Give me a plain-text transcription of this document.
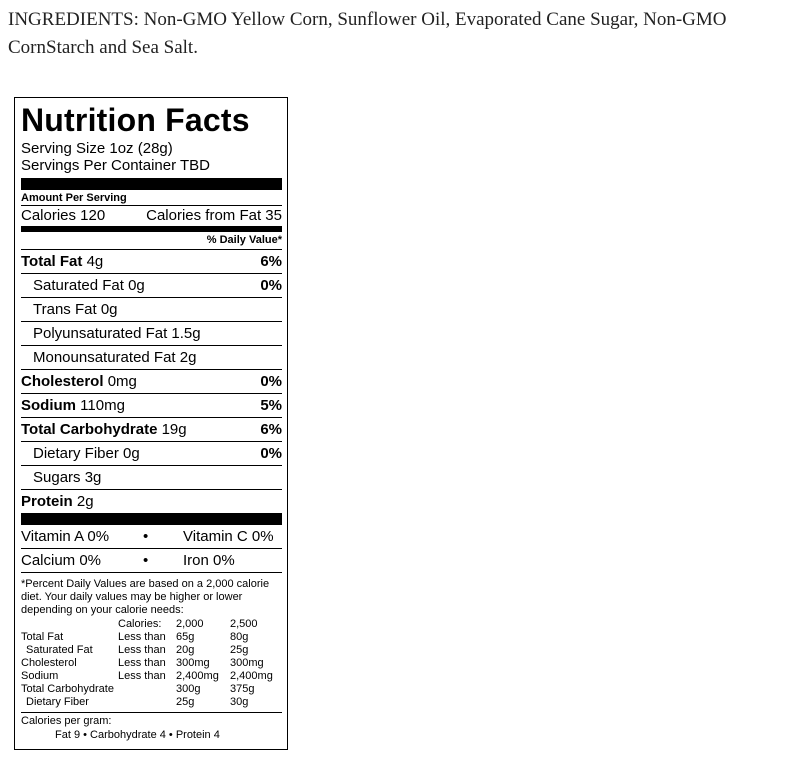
INGREDIENTS: Non-GMO Yellow Corn, Sunflower Oil, Evaporated Cane Sugar, Non-GMO CornStarch and Sea Salt.
Nutrition Facts
Serving Size 1oz (28g)
Servings Per Container TBD
Amount Per Serving
Calories 120	Calories from Fat 35
% Daily Value*
Total Fat 4g	6%
Saturated Fat 0g	0%
Trans Fat 0g
Polyunsaturated Fat 1.5g
Monounsaturated Fat 2g
Cholesterol 0mg	0%
Sodium 110mg	5%
Total Carbohydrate 19g	6%
Dietary Fiber 0g	0%
Sugars 3g
Protein 2g
Vitamin A 0%	•	Vitamin C 0%
Calcium 0%	•	Iron 0%

*Percent Daily Values are based on a 2,000 calorie diet. Your daily values may be higher or lower depending on your calorie needs:

Calories:	2,000	2,500
Total Fat	Less than 65g	80g
Saturated Fat	Less than 20g	25g
Cholesterol	Less than 300mg	300mg
Sodium	Less than 2,400mg	2,400mg
Total Carbohydrate	300g	375g
Dietary Fiber	25g	30g
Calories per gram:
Fat 9 • Carbohydrate 4 • Protein 4
